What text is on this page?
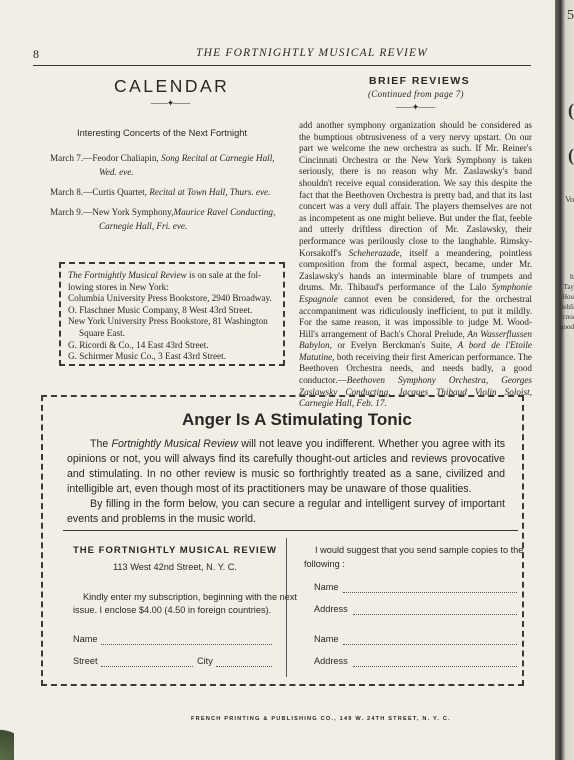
8	THE FORTNIGHTLY MUSICAL REVIEW
CALENDAR
——✦——
Interesting Concerts of the Next Fortnight
March 7.—Feodor Chaliapin, Song Recital at Carnegie Hall,
Wed. eve.
March 8.—Curtis Quartet, Recital at Town Hall, Thurs. eve.
March 9.—New York Symphony,Maurice Ravel Conducting,
Carnegie Hall, Fri. eve.
The Fortnightly Musical Review is on sale at the fol-
lowing stores in New York:
Columbia University Press Bookstore, 2940 Broadway.
O. Flaschner Music Company, 8 West 43rd Street.
New York University Press Bookstore, 81 Washington
Square East.
G. Ricordi & Co., 14 East 43rd Street.
G. Schirmer Music Co., 3 East 43rd Street.
BRIEF REVIEWS
(Continued from page 7)
——✦——
add another symphony organization should be considered as the bumptious obtrusiveness of a very nervy upstart. On our part we welcome the new orchestra as such. If Mr. Reiner's Cincinnati Orchestra or the New York Symphony is taken seriously, there is no reason why Mr. Zaslawsky's band shouldn't receive equal consideration. We say this despite the fact that the Beethoven Orchestra is pretty bad, and that its last concert was a very dull affair. The players themselves are not as incompetent as one might believe. But under the flat, feeble and utterly driftless direction of Mr. Zaslawsky, their performance was perilously close to the laughable. Rimsky-Korsakoff's Scheherazade, itself a meandering, pointless composition from the formal aspect, became, under Mr. Zaslawsky's hands an interminable blare of trumpets and drums. Mr. Thibaud's performance of the Lalo Symphonie Espagnole cannot even be considered, for the orchestral accompaniment was ridiculously inefficient, to put it mildly. For the same reason, it was impossible to judge M. Wood-Hill's arrangement of Bach's Choral Prelude, An Wasserflussen Babylon, or Evelyn Berckman's Suite, A bord de l'Etoile Matutine, both receiving their first American performance. The Beethoven Orchestra needs, and needs badly, a good conductor.—Beethoven Symphony Orchestra, Georges Zaslawsky Conducting, Jacques Thibaud Violin Soloist, Carnegie Hall, Feb. 17.
Anger Is A Stimulating Tonic

The Fortnightly Musical Review will not leave you indifferent. Whether you agree with its opinions or not, you will always find its carefully thought-out articles and reviews provocative and stimulating. In no other review is music so forthrightly treated as a sane, civilized and intelligible art, even though most of its practitioners may be unaware of those qualities.

By filling in the form below, you can secure a regular and intelligent survey of important events and problems in the music world.

THE FORTNIGHTLY MUSICAL REVIEW
113 West 42nd Street, N. Y. C.
Kindly enter my subscription, beginning with the next
issue. I enclose $4.00 (4.50 in foreign countries).
Name
Street	City
I would suggest that you send sample copies to the
following :
Name
Address
Name
Address
FRENCH PRINTING & PUBLISHING CO., 149 W. 24TH STREET, N. Y. C.
5
(
(
Vo
It
Tay
Hou
publi
crea
good
